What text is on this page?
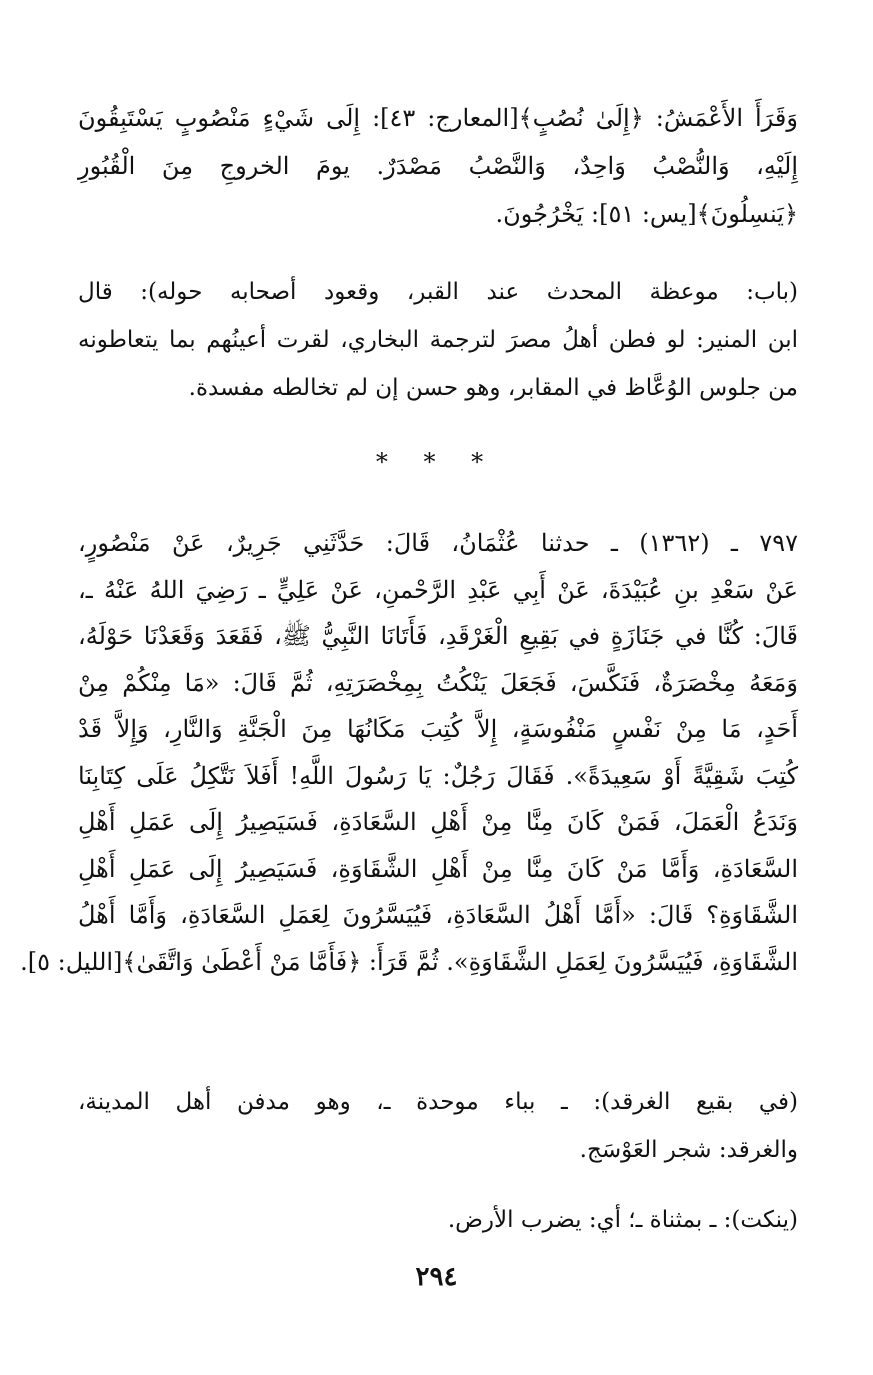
وَقَرَأَ الأَعْمَشُ: ﴿إِلَىٰ نُصُبٍ﴾[المعارج: ٤٣]: إِلَى شَيْءٍ مَنْصُوبٍ يَسْتَبِقُونَ
إِلَيْهِ، وَالنُّصْبُ وَاحِدٌ، وَالنَّصْبُ مَصْدَرٌ. يومَ الخروجِ مِنَ الْقُبُورِ
﴿يَنسِلُونَ﴾[يس: ٥١]: يَخْرُجُونَ.
(باب: موعظة المحدث عند القبر، وقعود أصحابه حوله): قال
ابن المنير: لو فطن أهلُ مصرَ لترجمة البخاري، لقرت أعينُهم بما يتعاطونه
من جلوس الوُعَّاظ في المقابر، وهو حسن إن لم تخالطه مفسدة.
* * *
٧٩٧ ـ (١٣٦٢) ـ حدثنا عُثْمَانُ، قَالَ: حَدَّثَنِي جَرِيرٌ، عَنْ مَنْصُورٍ،
عَنْ سَعْدِ بنِ عُبَيْدَةَ، عَنْ أَبِي عَبْدِ الرَّحْمنِ، عَنْ عَلِيٍّ ـ رَضِيَ اللهُ عَنْهُ ـ،
قَالَ: كُنَّا في جَنَازَةٍ في بَقِيعِ الْغَرْقَدِ، فَأَتَانَا النَّبِيُّ ﷺ، فَقَعَدَ وَقَعَدْنَا حَوْلَهُ،
وَمَعَهُ مِخْصَرَةٌ، فَنَكَّسَ، فَجَعَلَ يَنْكُتُ بِمِخْصَرَتِهِ، ثُمَّ قَالَ: «مَا مِنْكُمْ مِنْ
أَحَدٍ، مَا مِنْ نَفْسٍ مَنْفُوسَةٍ، إِلاَّ كُتِبَ مَكَانُهَا مِنَ الْجَنَّةِ وَالنَّارِ، وَإِلاَّ قَدْ
كُتِبَ شَقِيَّةً أَوْ سَعِيدَةً». فَقَالَ رَجُلٌ: يَا رَسُولَ اللَّهِ! أَفَلاَ نَتَّكِلُ عَلَى كِتَابِنَا
وَنَدَعُ الْعَمَلَ، فَمَنْ كَانَ مِنَّا مِنْ أَهْلِ السَّعَادَةِ، فَسَيَصِيرُ إِلَى عَمَلِ أَهْلِ
السَّعَادَةِ، وَأَمَّا مَنْ كَانَ مِنَّا مِنْ أَهْلِ الشَّقَاوَةِ، فَسَيَصِيرُ إِلَى عَمَلِ أَهْلِ
الشَّقَاوَةِ؟ قَالَ: «أَمَّا أَهْلُ السَّعَادَةِ، فَيُيَسَّرُونَ لِعَمَلِ السَّعَادَةِ، وَأَمَّا أَهْلُ
الشَّقَاوَةِ، فَيُيَسَّرُونَ لِعَمَلِ الشَّقَاوَةِ». ثُمَّ قَرَأَ: ﴿فَأَمَّا مَنْ أَعْطَىٰ وَاتَّقَىٰ﴾[الليل: ٥].
(في بقيع الغرقد): ـ بباء موحدة ـ، وهو مدفن أهل المدينة،
والغرقد: شجر العَوْسَج.
(ينكت): ـ بمثناة ـ؛ أي: يضرب الأرض.
٢٩٤
